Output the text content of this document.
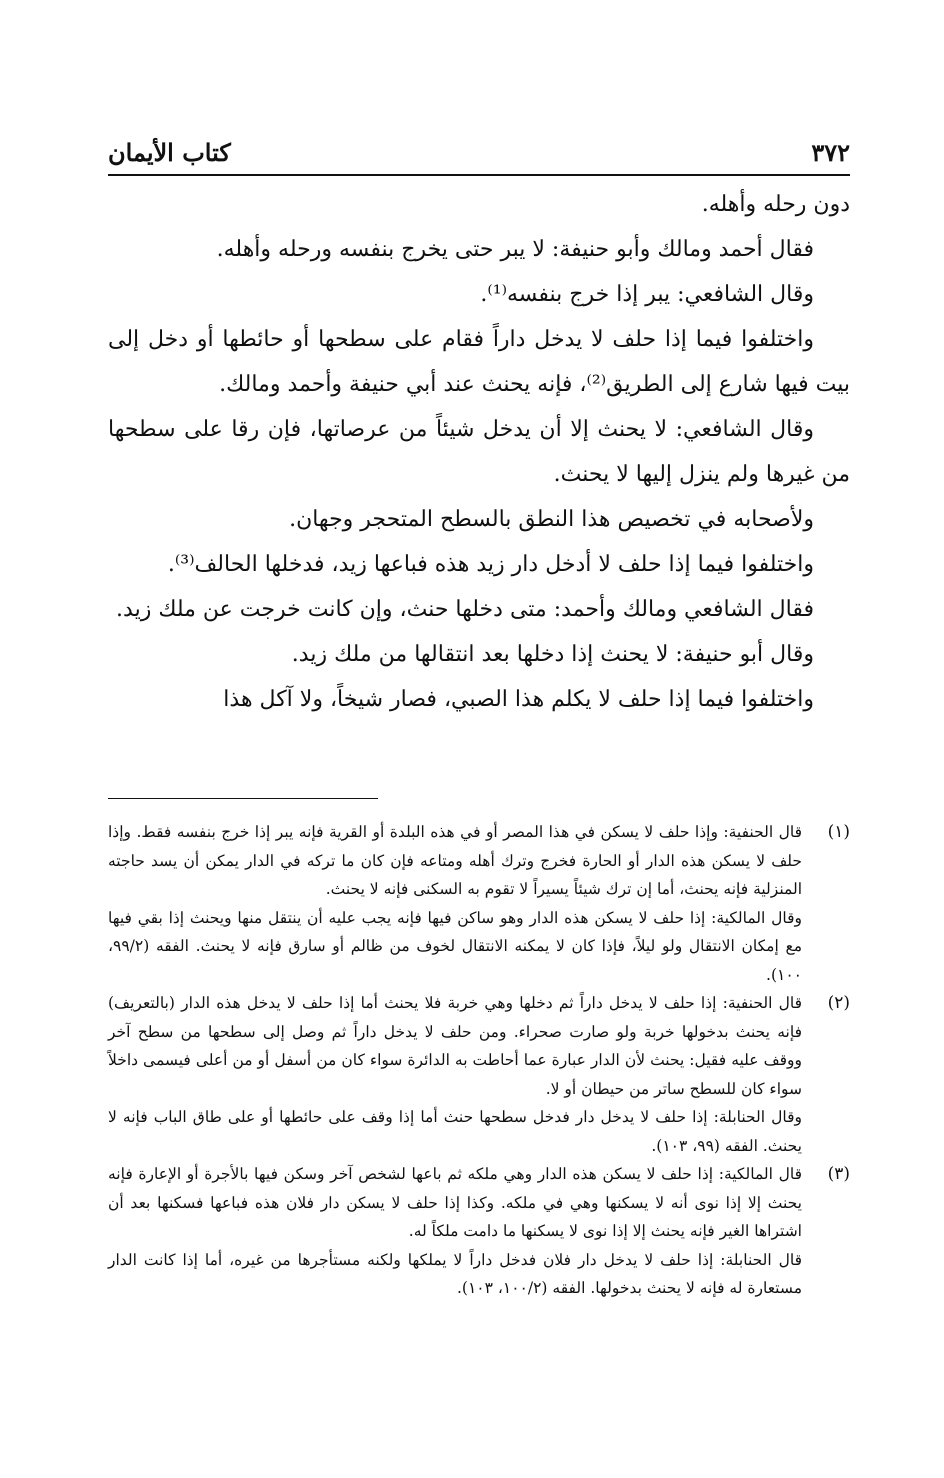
٣٧٢
كتاب الأيمان

دون رحله وأهله.

فقال أحمد ومالك وأبو حنيفة: لا يبر حتى يخرج بنفسه ورحله وأهله.

وقال الشافعي: يبر إذا خرج بنفسه⁽¹⁾.

واختلفوا فيما إذا حلف لا يدخل داراً فقام على سطحها أو حائطها أو دخل إلى بيت فيها شارع إلى الطريق⁽²⁾، فإنه يحنث عند أبي حنيفة وأحمد ومالك.

وقال الشافعي: لا يحنث إلا أن يدخل شيئاً من عرصاتها، فإن رقا على سطحها من غيرها ولم ينزل إليها لا يحنث.

ولأصحابه في تخصيص هذا النطق بالسطح المتحجر وجهان.

واختلفوا فيما إذا حلف لا أدخل دار زيد هذه فباعها زيد، فدخلها الحالف⁽³⁾.

فقال الشافعي ومالك وأحمد: متى دخلها حنث، وإن كانت خرجت عن ملك زيد.

وقال أبو حنيفة: لا يحنث إذا دخلها بعد انتقالها من ملك زيد.

واختلفوا فيما إذا حلف لا يكلم هذا الصبي، فصار شيخاً، ولا آكل هذا

(١)

قال الحنفية: وإذا حلف لا يسكن في هذا المصر أو في هذه البلدة أو القرية فإنه يبر إذا خرج بنفسه فقط. وإذا حلف لا يسكن هذه الدار أو الحارة فخرج وترك أهله ومتاعه فإن كان ما تركه في الدار يمكن أن يسد حاجته المنزلية فإنه يحنث، أما إن ترك شيئاً يسيراً لا تقوم به السكنى فإنه لا يحنث.

وقال المالكية: إذا حلف لا يسكن هذه الدار وهو ساكن فيها فإنه يجب عليه أن ينتقل منها ويحنث إذا بقي فيها مع إمكان الانتقال ولو ليلاً، فإذا كان لا يمكنه الانتقال لخوف من ظالم أو سارق فإنه لا يحنث. الفقه (٩٩/٢، ١٠٠).

(٢)

قال الحنفية: إذا حلف لا يدخل داراً ثم دخلها وهي خربة فلا يحنث أما إذا حلف لا يدخل هذه الدار (بالتعريف) فإنه يحنث بدخولها خربة ولو صارت صحراء. ومن حلف لا يدخل داراً ثم وصل إلى سطحها من سطح آخر ووقف عليه فقيل: يحنث لأن الدار عبارة عما أحاطت به الدائرة سواء كان من أسفل أو من أعلى فيسمى داخلاً سواء كان للسطح ساتر من حيطان أو لا.

وقال الحنابلة: إذا حلف لا يدخل دار فدخل سطحها حنث أما إذا وقف على حائطها أو على طاق الباب فإنه لا يحنث. الفقه (٩٩، ١٠٣).

(٣)

قال المالكية: إذا حلف لا يسكن هذه الدار وهي ملكه ثم باعها لشخص آخر وسكن فيها بالأجرة أو الإعارة فإنه يحنث إلا إذا نوى أنه لا يسكنها وهي في ملكه. وكذا إذا حلف لا يسكن دار فلان هذه فباعها فسكنها بعد أن اشتراها الغير فإنه يحنث إلا إذا نوى لا يسكنها ما دامت ملكاً له.

قال الحنابلة: إذا حلف لا يدخل دار فلان فدخل داراً لا يملكها ولكنه مستأجرها من غيره، أما إذا كانت الدار مستعارة له فإنه لا يحنث بدخولها. الفقه (١٠٠/٢، ١٠٣).
